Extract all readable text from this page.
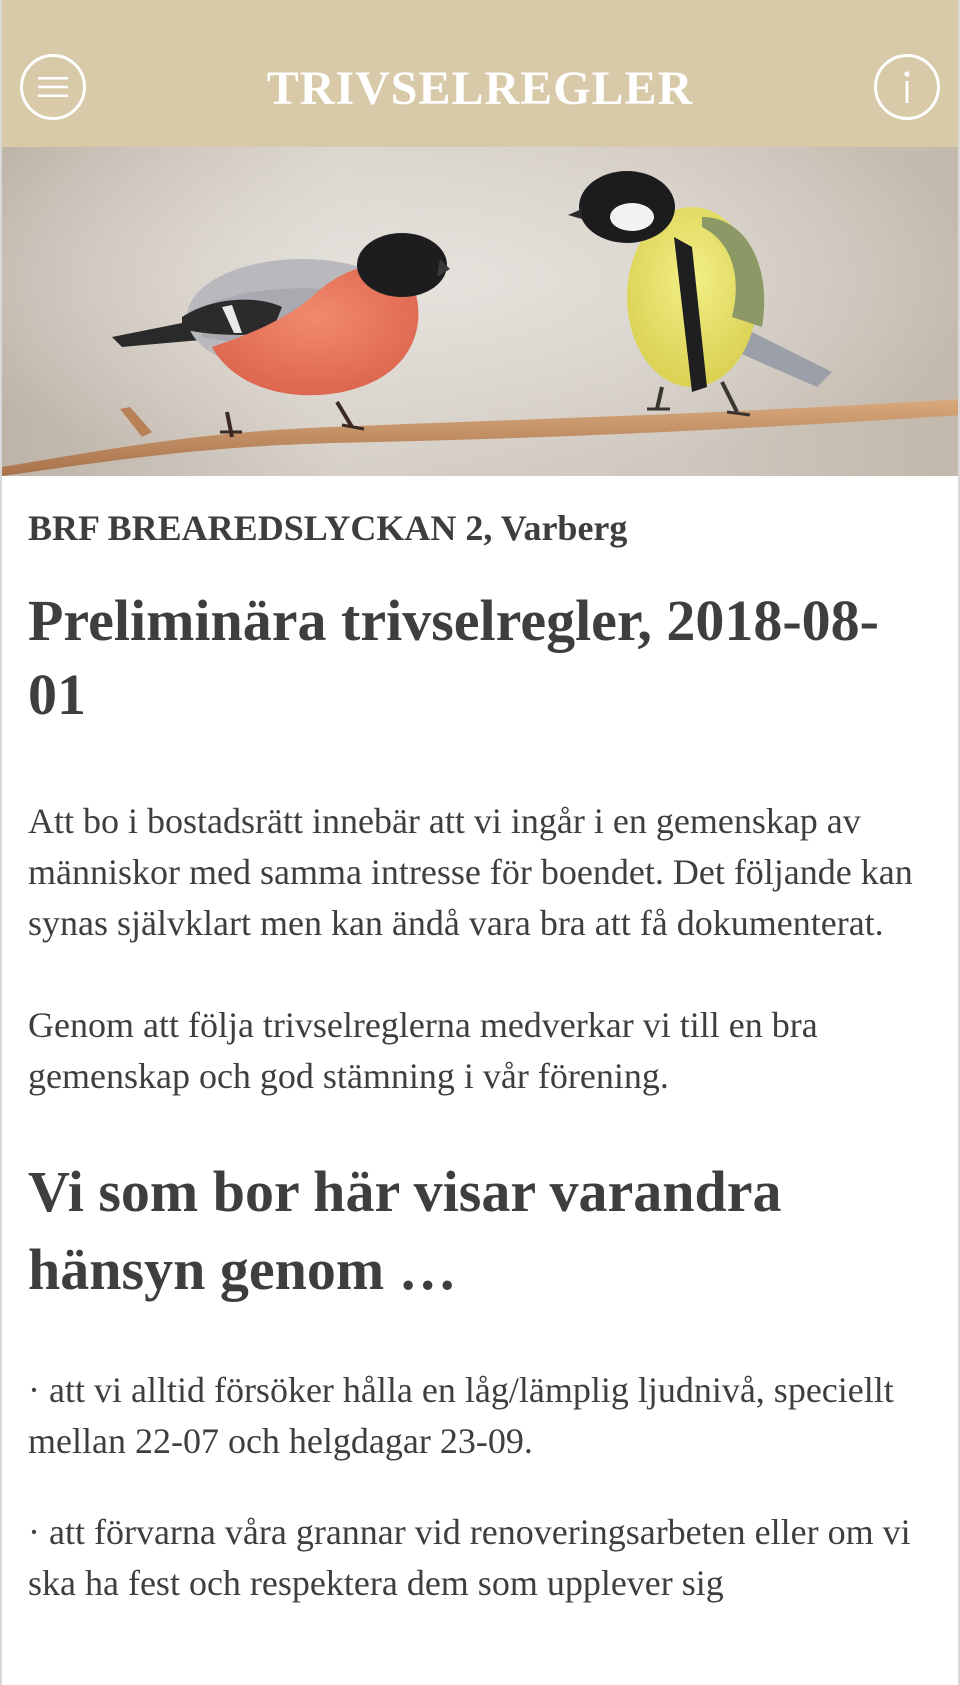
TRIVSELREGLER
BRF BREAREDSLYCKAN 2, Varberg
Preliminära trivselregler, 2018-08-01

Att bo i bostadsrätt innebär att vi ingår i en gemenskap av människor med samma intresse för boendet. Det följande kan synas självklart men kan ändå vara bra att få dokumenterat.

Genom att följa trivselreglerna medverkar vi till en bra gemenskap och god stämning i vår förening.

Vi som bor här visar varandra hänsyn genom …

· att vi alltid försöker hålla en låg/lämplig ljudnivå, speciellt mellan 22-07 och helgdagar 23-09.

· att förvarna våra grannar vid renoveringsarbeten eller om vi ska ha fest och respektera dem som upplever sig
